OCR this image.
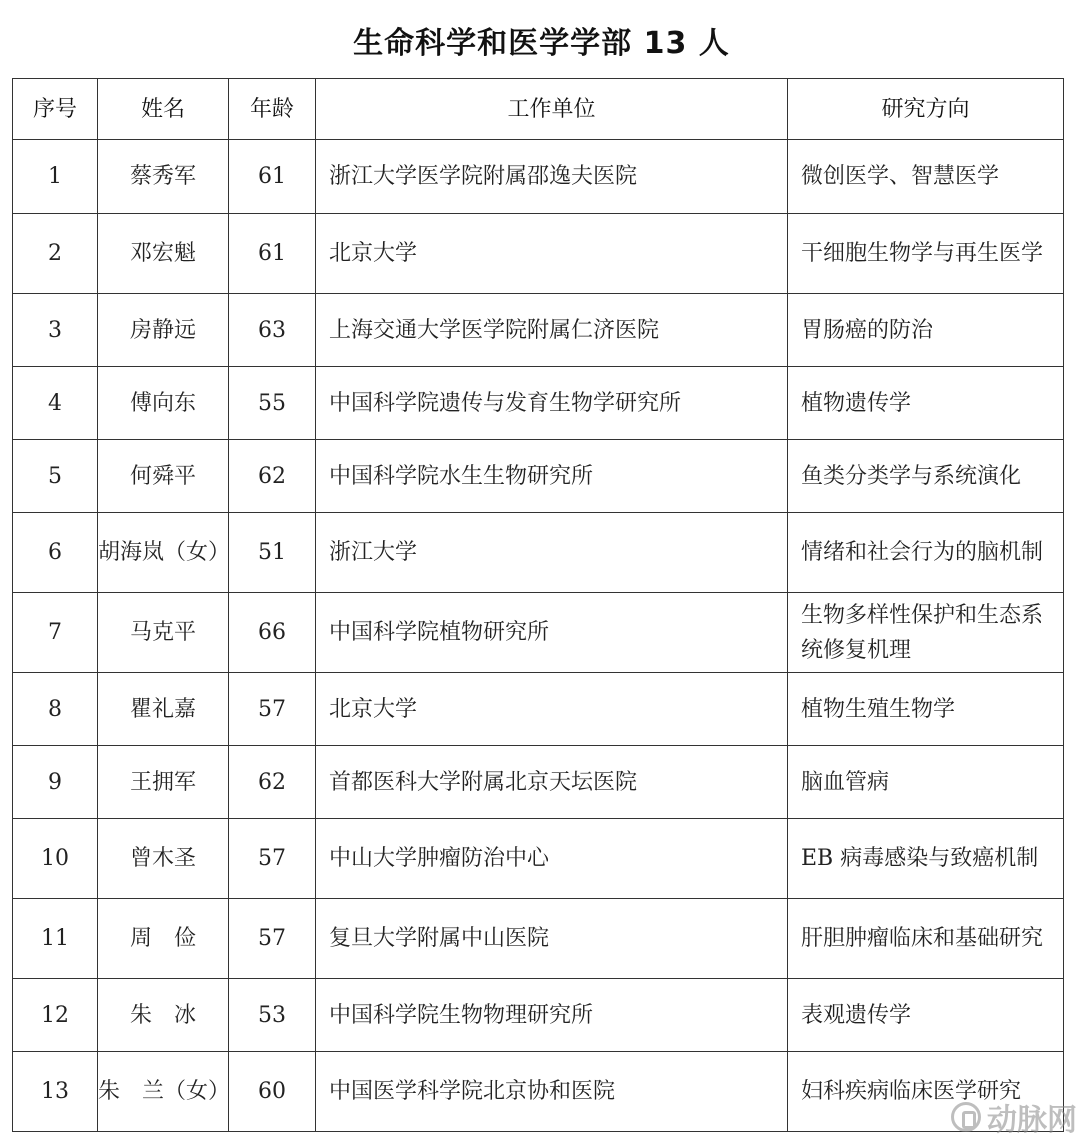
生命科学和医学学部 13 人
序号	姓名	年龄	工作单位	研究方向
1	蔡秀军	61	浙江大学医学院附属邵逸夫医院	微创医学、智慧医学
2	邓宏魁	61	北京大学	干细胞生物学与再生医学
3	房静远	63	上海交通大学医学院附属仁济医院	胃肠癌的防治
4	傅向东	55	中国科学院遗传与发育生物学研究所	植物遗传学
5	何舜平	62	中国科学院水生生物研究所	鱼类分类学与系统演化
6	胡海岚（女）	51	浙江大学	情绪和社会行为的脑机制
7	马克平	66	中国科学院植物研究所	生物多样性保护和生态系统修复机理
8	瞿礼嘉	57	北京大学	植物生殖生物学
9	王拥军	62	首都医科大学附属北京天坛医院	脑血管病
10	曾木圣	57	中山大学肿瘤防治中心	EB 病毒感染与致癌机制
11	周　俭	57	复旦大学附属中山医院	肝胆肿瘤临床和基础研究
12	朱　冰	53	中国科学院生物物理研究所	表观遗传学
13	朱　兰（女）	60	中国医学科学院北京协和医院	妇科疾病临床医学研究
动脉网
